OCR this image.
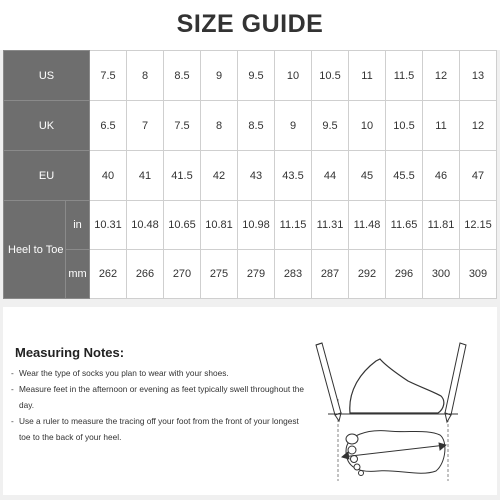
SIZE GUIDE
US		7.5	8	8.5	9	9.5	10	10.5	11	11.5	12	13
UK		6.5	7	7.5	8	8.5	9	9.5	10	10.5	11	12
EU		40	41	41.5	42	43	43.5	44	45	45.5	46	47
Heel to Toe	in	10.31	10.48	10.65	10.81	10.98	11.15	11.31	11.48	11.65	11.81	12.15
	mm	262	266	270	275	279	283	287	292	296	300	309
Measuring Notes:
- Wear the type of socks you plan to wear with your shoes.
- Measure feet in the afternoon or evening as feet typically swell throughout the day.
- Use a ruler to measure the tracing off your foot from the front of your longest toe to the back of your heel.
